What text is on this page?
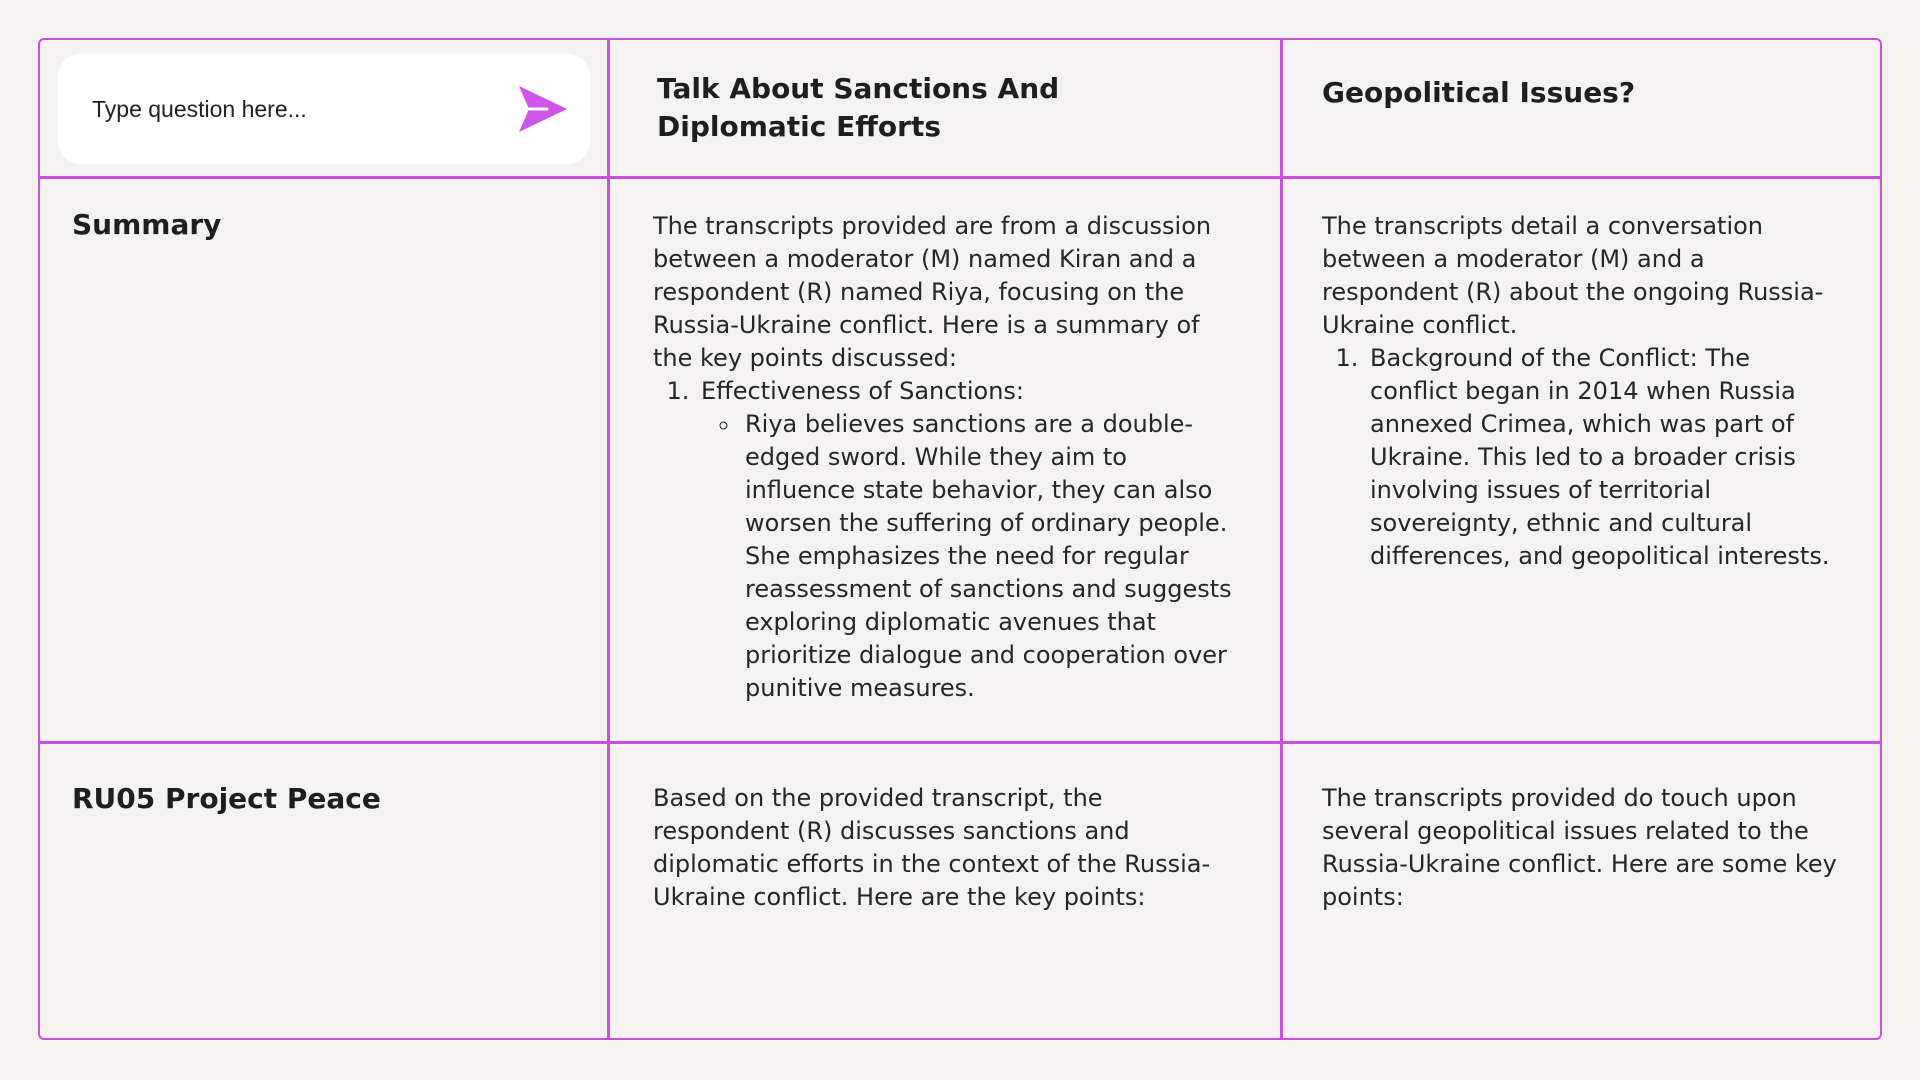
Type question here...
Talk About Sanctions And Diplomatic Efforts
Geopolitical Issues?
Summary	The transcripts provided are from a discussion between a moderator (M) named Kiran and a respondent (R) named Riya, focusing on the Russia-Ukraine conflict. Here is a summary of the key points discussed:

1. Effectiveness of Sanctions:
◦ Riya believes sanctions are a double-edged sword. While they aim to influence state behavior, they can also worsen the suffering of ordinary people. She emphasizes the need for regular reassessment of sanctions and suggests exploring diplomatic avenues that prioritize dialogue and cooperation over punitive measures.

The transcripts detail a conversation between a moderator (M) and a respondent (R) about the ongoing Russia-Ukraine conflict.

1. Background of the Conflict: The conflict began in 2014 when Russia annexed Crimea, which was part of Ukraine. This led to a broader crisis involving issues of territorial sovereignty, ethnic and cultural differences, and geopolitical interests.
RU05 Project Peace	Based on the provided transcript, the respondent (R) discusses sanctions and diplomatic efforts in the context of the Russia-Ukraine conflict. Here are the key points:

The transcripts provided do touch upon several geopolitical issues related to the Russia-Ukraine conflict. Here are some key points:
